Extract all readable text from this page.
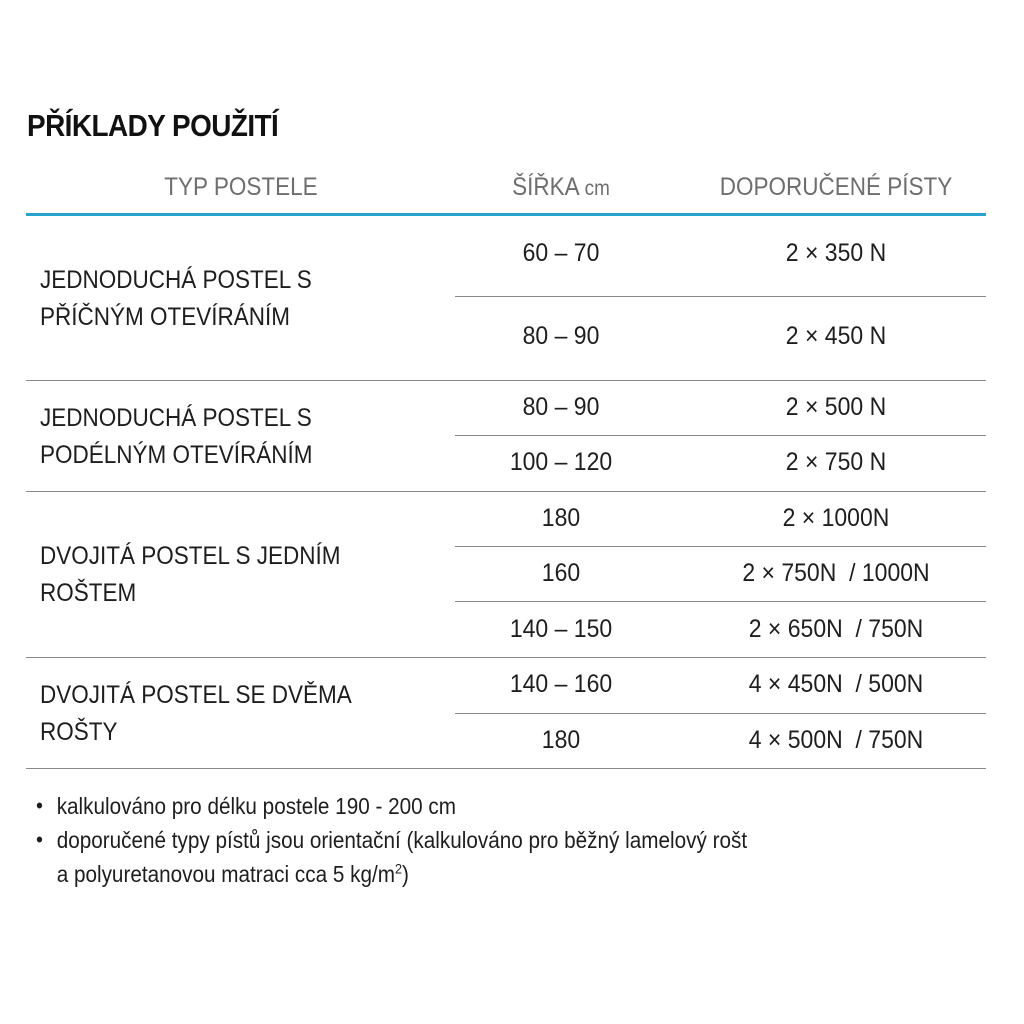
PŘÍKLADY POUŽITÍ
TYP POSTELE	ŠÍŘKA cm	DOPORUČENÉ PÍSTY
JEDNODUCHÁ POSTEL S PŘÍČNÝM OTEVÍRÁNÍM
60 – 70	2 × 350 N
80 – 90	2 × 450 N
JEDNODUCHÁ POSTEL S PODÉLNÝM OTEVÍRÁNÍM
80 – 90	2 × 500 N
100 – 120	2 × 750 N
DVOJITÁ POSTEL S JEDNÍM ROŠTEM
180	2 × 1000N
160	2 × 750N  / 1000N
140 – 150	2 × 650N  / 750N
DVOJITÁ POSTEL SE DVĚMA ROŠTY
140 – 160	4 × 450N  / 500N
180	4 × 500N  / 750N
• kalkulováno pro délku postele 190 - 200 cm
• doporučené typy pístů jsou orientační (kalkulováno pro běžný lamelový rošt
a polyuretanovou matraci cca 5 $kg/m^2$)
